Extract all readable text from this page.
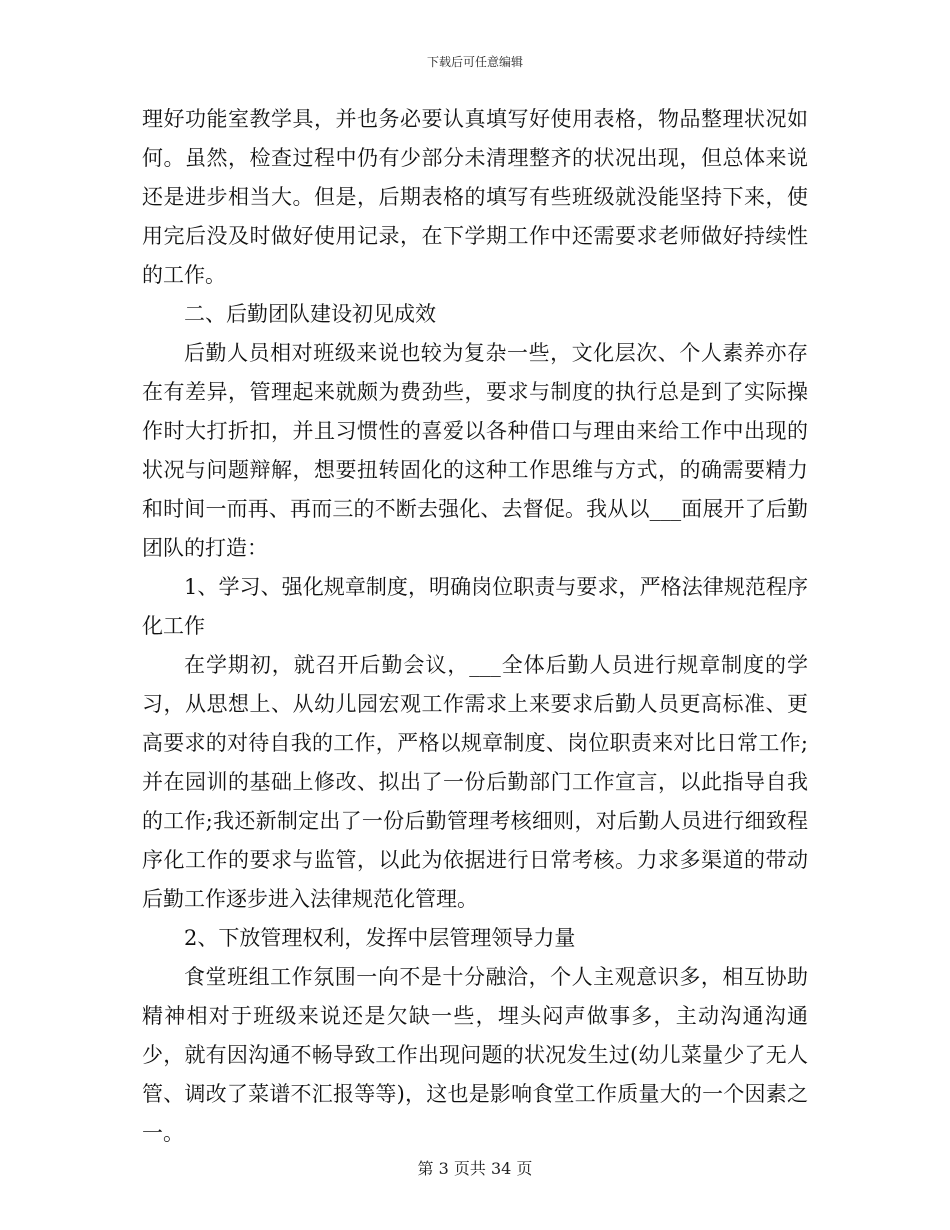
下载后可任意编辑

理好功能室教学具，并也务必要认真填写好使用表格，物品整理状况如何。虽然，检查过程中仍有少部分未清理整齐的状况出现，但总体来说还是进步相当大。但是，后期表格的填写有些班级就没能坚持下来，使用完后没及时做好使用记录，在下学期工作中还需要求老师做好持续性的工作。

二、后勤团队建设初见成效

后勤人员相对班级来说也较为复杂一些，文化层次、个人素养亦存在有差异，管理起来就颇为费劲些，要求与制度的执行总是到了实际操作时大打折扣，并且习惯性的喜爱以各种借口与理由来给工作中出现的状况与问题辩解，想要扭转固化的这种工作思维与方式，的确需要精力和时间一而再、再而三的不断去强化、去督促。我从以___面展开了后勤团队的打造：

1、学习、强化规章制度，明确岗位职责与要求，严格法律规范程序化工作

在学期初，就召开后勤会议，___全体后勤人员进行规章制度的学习，从思想上、从幼儿园宏观工作需求上来要求后勤人员更高标准、更高要求的对待自我的工作，严格以规章制度、岗位职责来对比日常工作;并在园训的基础上修改、拟出了一份后勤部门工作宣言，以此指导自我的工作;我还新制定出了一份后勤管理考核细则，对后勤人员进行细致程序化工作的要求与监管，以此为依据进行日常考核。力求多渠道的带动后勤工作逐步进入法律规范化管理。

2、下放管理权利，发挥中层管理领导力量

食堂班组工作氛围一向不是十分融洽，个人主观意识多，相互协助精神相对于班级来说还是欠缺一些，埋头闷声做事多，主动沟通沟通少，就有因沟通不畅导致工作出现问题的状况发生过(幼儿菜量少了无人管、调改了菜谱不汇报等等)，这也是影响食堂工作质量大的一个因素之一。

第 3 页共 34 页
